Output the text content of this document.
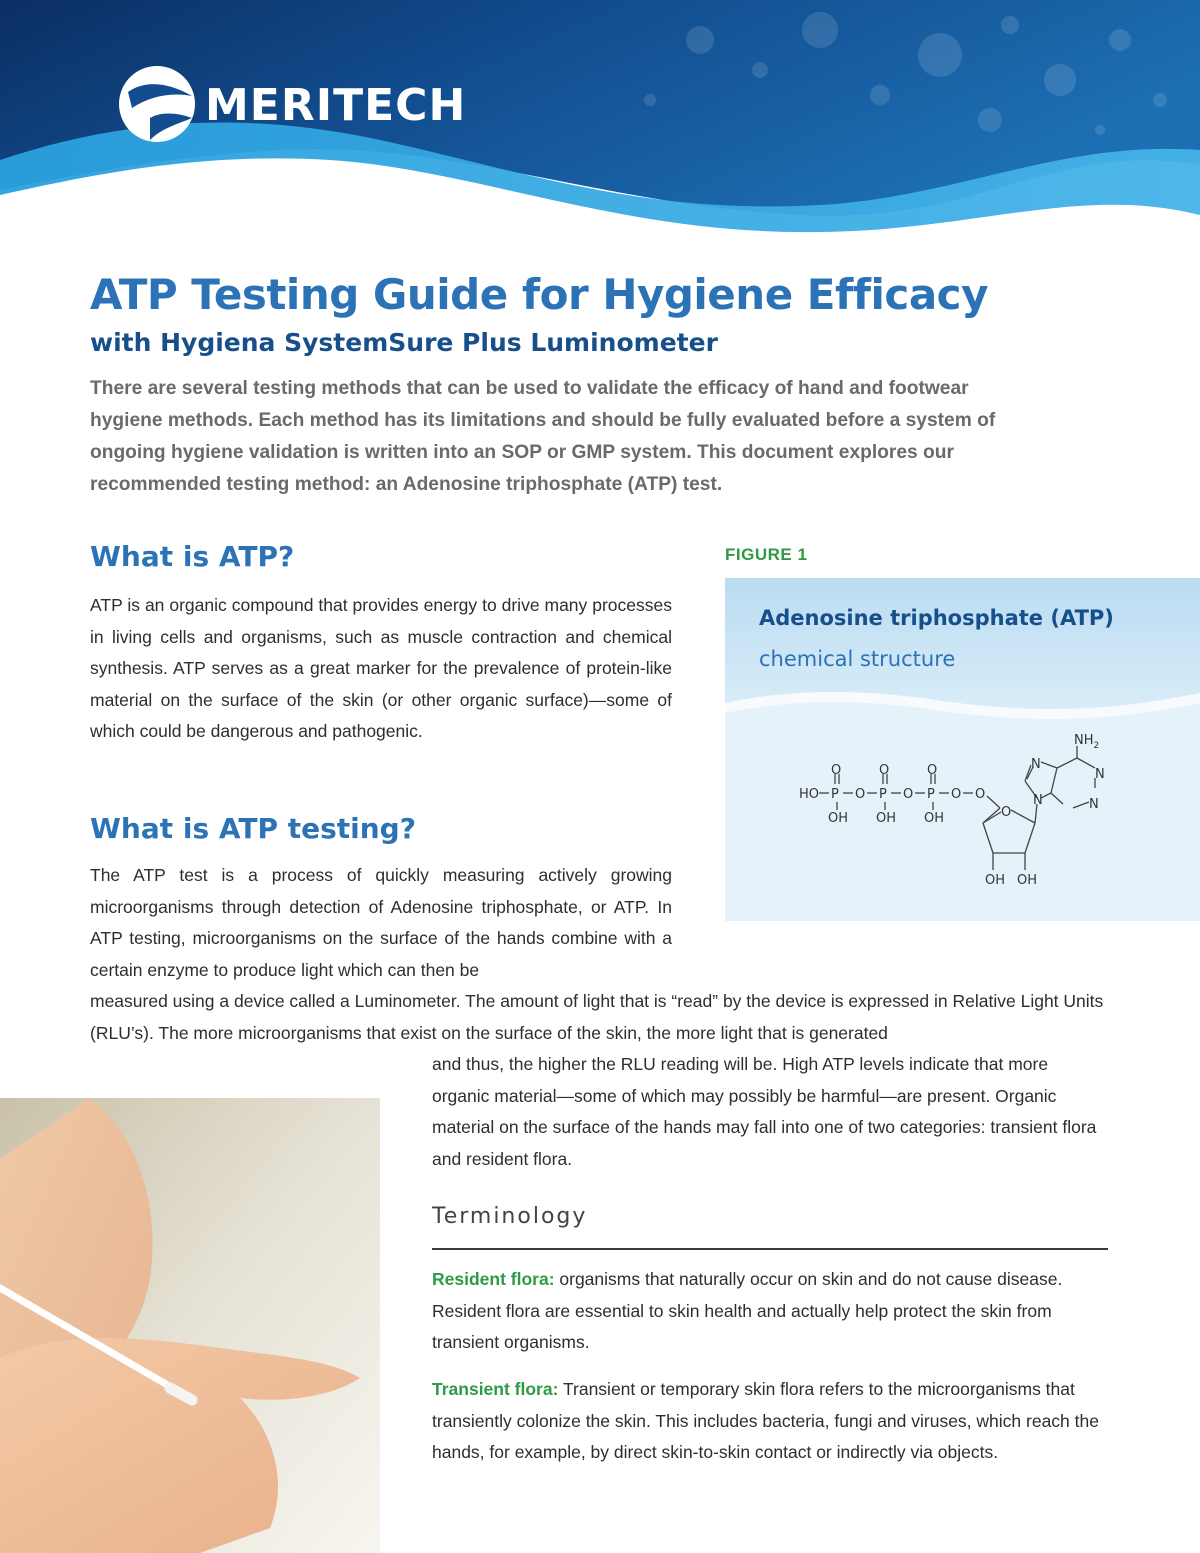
MERITECH
ATP Testing Guide for Hygiene Efficacy
with Hygiena SystemSure Plus Luminometer

There are several testing methods that can be used to validate the efficacy of hand and footwear hygiene methods. Each method has its limitations and should be fully evaluated before a system of ongoing hygiene validation is written into an SOP or GMP system. This document explores our recommended testing method: an Adenosine triphosphate (ATP) test.

What is ATP?

ATP is an organic compound that provides energy to drive many processes in living cells and organisms, such as muscle contraction and chemical synthesis. ATP serves as a great marker for the prevalence of protein-like material on the surface of the skin (or other organic surface)—some of which could be dangerous and pathogenic.

What is ATP testing?

The ATP test is a process of quickly measuring actively growing microorganisms through detection of Adenosine triphosphate, or ATP. In ATP testing, microorganisms on the surface of the hands combine with a certain enzyme to produce light which can then be

measured using a device called a Luminometer. The amount of light that is “read” by the device is expressed in Relative Light Units (RLU’s). The more microorganisms that exist on the surface of the skin, the more light that is generated

and thus, the higher the RLU reading will be. High ATP levels indicate that more organic material—some of which may possibly be harmful—are present. Organic material on the surface of the hands may fall into one of two categories: transient flora and resident flora.

FIGURE 1
HO P O P O P O O
O	O	O
OH OH OH	O
OH OH
N
N
N
N
$NH_2$
Adenosine triphosphate (ATP)
chemical structure
Terminology

Resident flora: organisms that naturally occur on skin and do not cause disease. Resident flora are essential to skin health and actually help protect the skin from transient organisms.

Transient flora: Transient or temporary skin flora refers to the microorganisms that transiently colonize the skin. This includes bacteria, fungi and viruses, which reach the hands, for example, by direct skin-to-skin contact or indirectly via objects.
